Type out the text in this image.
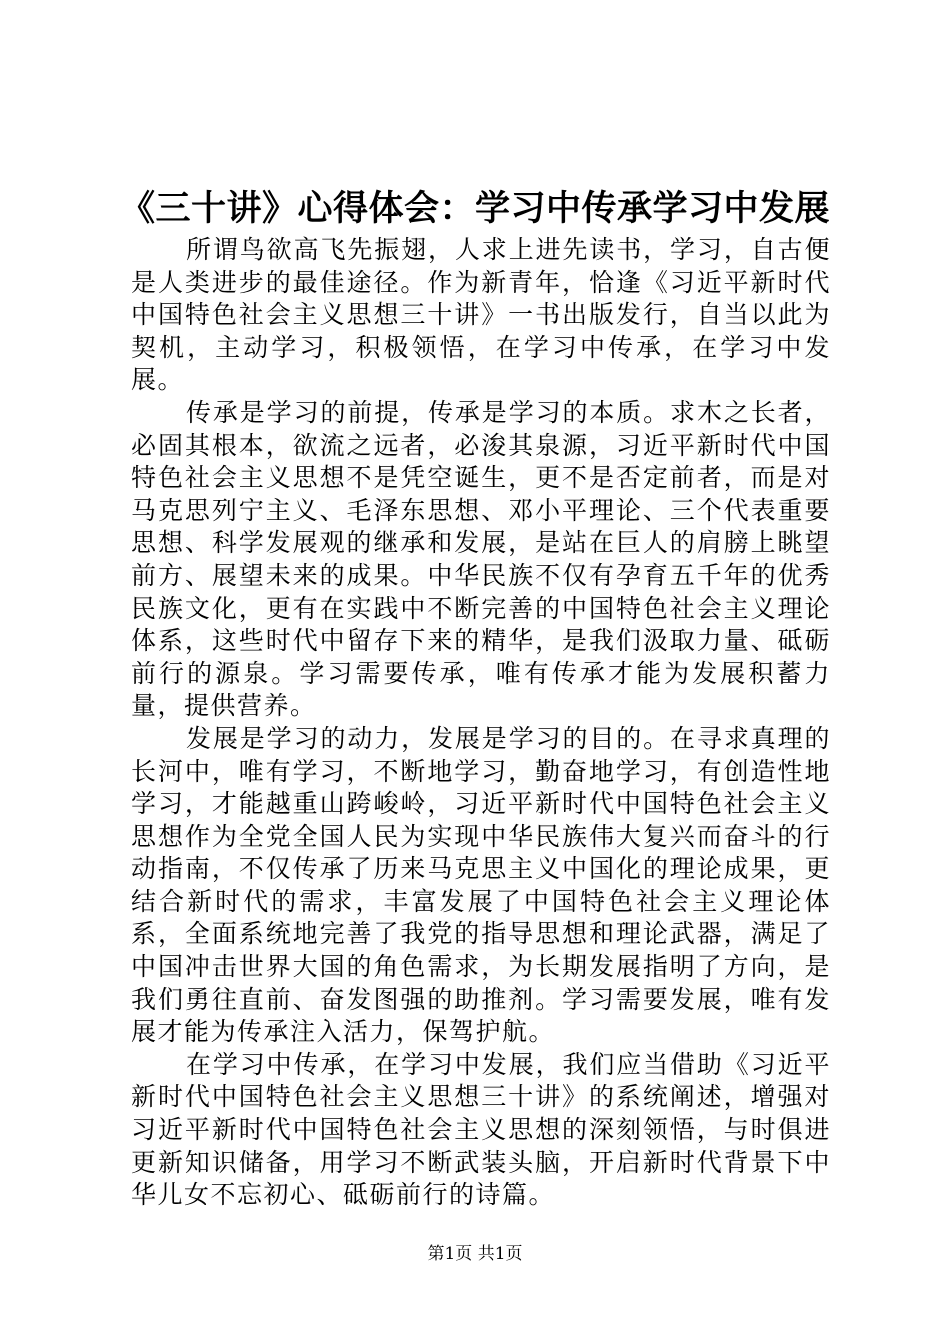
《三十讲》心得体会：学习中传承学习中发展

所谓鸟欲高飞先振翅，人求上进先读书，学习，自古便是人类进步的最佳途径。作为新青年，恰逢《习近平新时代中国特色社会主义思想三十讲》一书出版发行，自当以此为契机，主动学习，积极领悟，在学习中传承，在学习中发展。

传承是学习的前提，传承是学习的本质。求木之长者，必固其根本，欲流之远者，必浚其泉源，习近平新时代中国特色社会主义思想不是凭空诞生，更不是否定前者，而是对马克思列宁主义、毛泽东思想、邓小平理论、三个代表重要思想、科学发展观的继承和发展，是站在巨人的肩膀上眺望前方、展望未来的成果。中华民族不仅有孕育五千年的优秀民族文化，更有在实践中不断完善的中国特色社会主义理论体系，这些时代中留存下来的精华，是我们汲取力量、砥砺前行的源泉。学习需要传承，唯有传承才能为发展积蓄力量，提供营养。

发展是学习的动力，发展是学习的目的。在寻求真理的长河中，唯有学习，不断地学习，勤奋地学习，有创造性地学习，才能越重山跨峻岭，习近平新时代中国特色社会主义思想作为全党全国人民为实现中华民族伟大复兴而奋斗的行动指南，不仅传承了历来马克思主义中国化的理论成果，更结合新时代的需求，丰富发展了中国特色社会主义理论体系，全面系统地完善了我党的指导思想和理论武器，满足了中国冲击世界大国的角色需求，为长期发展指明了方向，是我们勇往直前、奋发图强的助推剂。学习需要发展，唯有发展才能为传承注入活力，保驾护航。

在学习中传承，在学习中发展，我们应当借助《习近平新时代中国特色社会主义思想三十讲》的系统阐述，增强对习近平新时代中国特色社会主义思想的深刻领悟，与时俱进更新知识储备，用学习不断武装头脑，开启新时代背景下中华儿女不忘初心、砥砺前行的诗篇。

第1页 共1页
